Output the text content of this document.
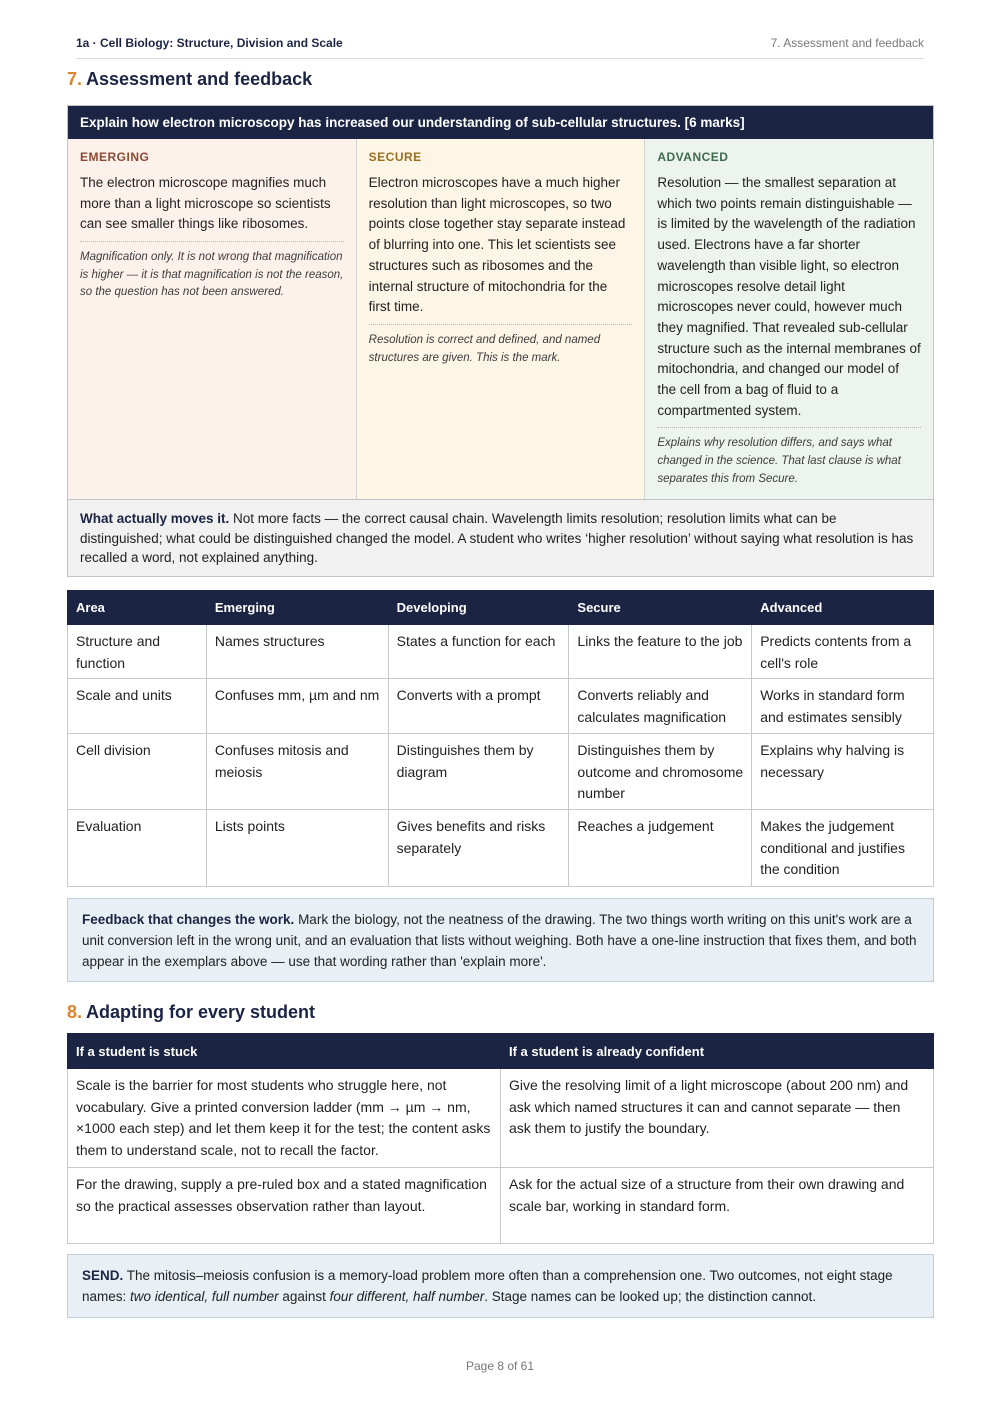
1a · Cell Biology: Structure, Division and Scale	7. Assessment and feedback
7. Assessment and feedback
Explain how electron microscopy has increased our understanding of sub-cellular structures. [6 marks]
EMERGING

The electron microscope magnifies much more than a light microscope so scientists can see smaller things like ribosomes.

Magnification only. It is not wrong that magnification is higher — it is that magnification is not the reason, so the question has not been answered.

SECURE

Electron microscopes have a much higher resolution than light microscopes, so two points close together stay separate instead of blurring into one. This let scientists see structures such as ribosomes and the internal structure of mitochondria for the first time.

Resolution is correct and defined, and named structures are given. This is the mark.

ADVANCED

Resolution — the smallest separation at which two points remain distinguishable — is limited by the wavelength of the radiation used. Electrons have a far shorter wavelength than visible light, so electron microscopes resolve detail light microscopes never could, however much they magnified. That revealed sub-cellular structure such as the internal membranes of mitochondria, and changed our model of the cell from a bag of fluid to a compartmented system.

Explains why resolution differs, and says what changed in the science. That last clause is what separates this from Secure.

What actually moves it. Not more facts — the correct causal chain. Wavelength limits resolution; resolution limits what can be distinguished; what could be distinguished changed the model. A student who writes ‘higher resolution’ without saying what resolution is has recalled a word, not explained anything.
Area	Emerging	Developing	Secure	Advanced
Structure and function	Names structures	States a function for each	Links the feature to the job	Predicts contents from a cell's role
Scale and units	Confuses mm, µm and nm	Converts with a prompt	Converts reliably and calculates magnification	Works in standard form and estimates sensibly
Cell division	Confuses mitosis and meiosis	Distinguishes them by diagram	Distinguishes them by outcome and chromosome number	Explains why halving is necessary
Evaluation	Lists points	Gives benefits and risks separately	Reaches a judgement	Makes the judgement conditional and justifies the condition
Feedback that changes the work. Mark the biology, not the neatness of the drawing. The two things worth writing on this unit's work are a unit conversion left in the wrong unit, and an evaluation that lists without weighing. Both have a one-line instruction that fixes them, and both appear in the exemplars above — use that wording rather than 'explain more'.
8. Adapting for every student
If a student is stuck	If a student is already confident
Scale is the barrier for most students who struggle here, not vocabulary. Give a printed conversion ladder (mm → µm → nm, ×1000 each step) and let them keep it for the test; the content asks them to understand scale, not to recall the factor.	Give the resolving limit of a light microscope (about 200 nm) and ask which named structures it can and cannot separate — then ask them to justify the boundary.
For the drawing, supply a pre-ruled box and a stated magnification so the practical assesses observation rather than layout.	Ask for the actual size of a structure from their own drawing and scale bar, working in standard form.
SEND. The mitosis–meiosis confusion is a memory-load problem more often than a comprehension one. Two outcomes, not eight stage names: two identical, full number against four different, half number. Stage names can be looked up; the distinction cannot.
Page 8 of 61
